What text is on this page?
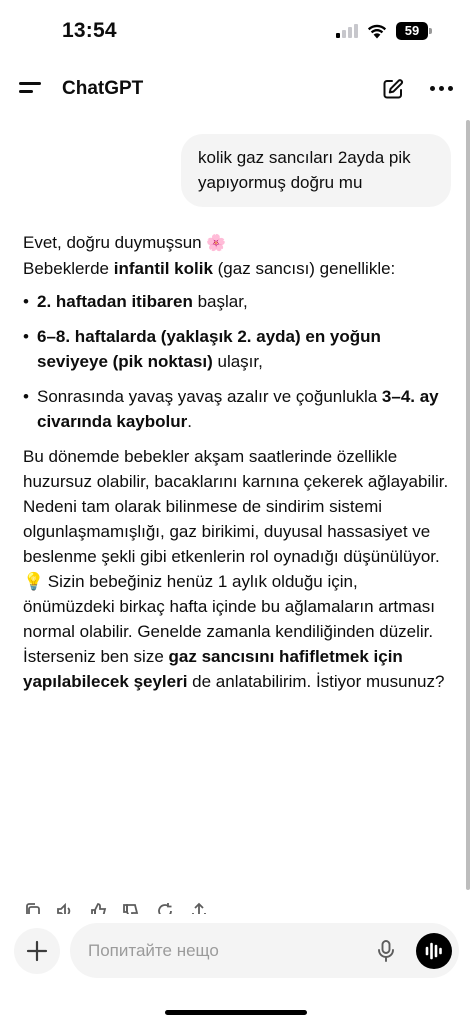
13:54	59
ChatGPT
kolik gaz sancıları 2ayda pik yapıyormuş doğru mu

Evet, doğru duymuşsun 🌸

Bebeklerde infantil kolik (gaz sancısı) genellikle:

• 2. haftadan itibaren başlar,
• 6–8. haftalarda (yaklaşık 2. ayda) en yoğun seviyeye (pik noktası) ulaşır,
• Sonrasında yavaş yavaş azalır ve çoğunlukla 3–4. ay civarında kaybolur.

Bu dönemde bebekler akşam saatlerinde özellikle huzursuz olabilir, bacaklarını karnına çekerek ağlayabilir. Nedeni tam olarak bilinmese de sindirim sistemi olgunlaşmamışlığı, gaz birikimi, duyusal hassasiyet ve beslenme şekli gibi etkenlerin rol oynadığı düşünülüyor.

💡 Sizin bebeğiniz henüz 1 aylık olduğu için, önümüzdeki birkaç hafta içinde bu ağlamaların artması normal olabilir. Genelde zamanla kendiliğinden düzelir.

İsterseniz ben size gaz sancısını hafifletmek için yapılabilecek şeyleri de anlatabilirim. İstiyor musunuz?

Попитайте нещо
